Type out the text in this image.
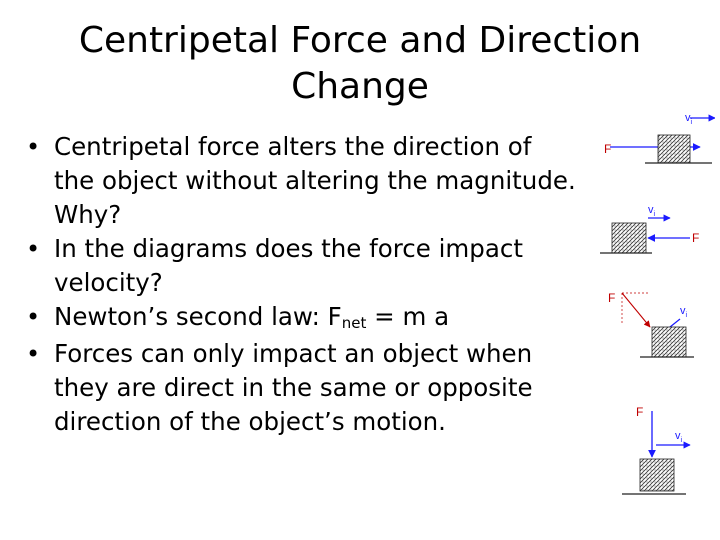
Centripetal Force and Direction Change
• Centripetal force alters the direction of the object without altering the magnitude. Why?
• In the diagrams does the force impact velocity?
• Newton’s second law: $F_{net} = m$ a
• Forces can only impact an object when they are direct in the same or opposite direction of the object’s motion.
$v_i$
F
$v_i$
F
F
$v_i$
F
$v_i$
